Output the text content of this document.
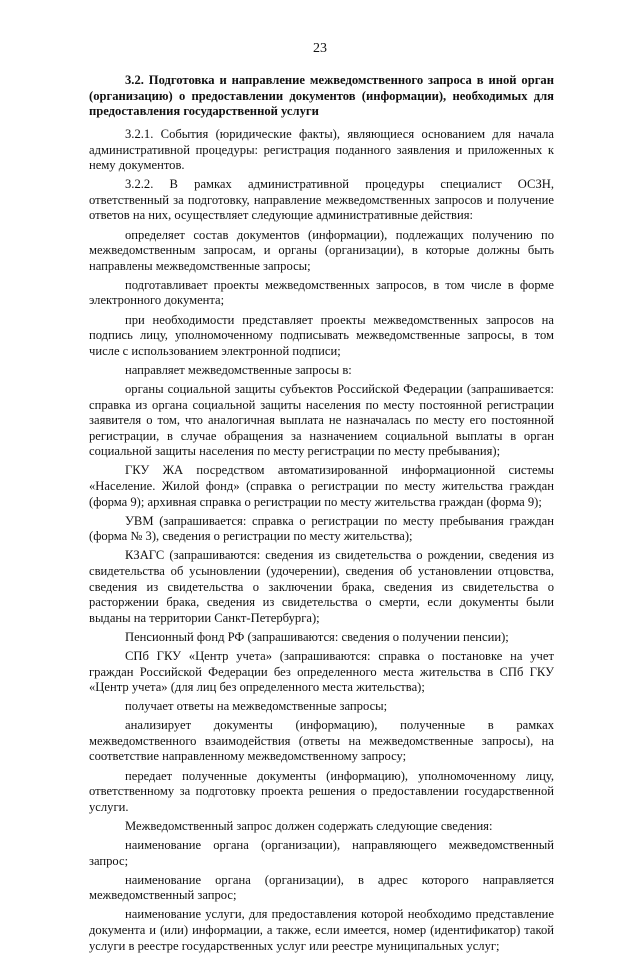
23
3.2. Подготовка и направление межведомственного запроса в иной орган (организацию) о предоставлении документов (информации), необходимых для предоставления государственной услуги

3.2.1. События (юридические факты), являющиеся основанием для начала административной процедуры: регистрация поданного заявления и приложенных к нему документов.

3.2.2. В рамках административной процедуры специалист ОСЗН, ответственный за подготовку, направление межведомственных запросов и получение ответов на них, осуществляет следующие административные действия:

определяет состав документов (информации), подлежащих получению по межведомственным запросам, и органы (организации), в которые должны быть направлены межведомственные запросы;

подготавливает проекты межведомственных запросов, в том числе в форме электронного документа;

при необходимости представляет проекты межведомственных запросов на подпись лицу, уполномоченному подписывать межведомственные запросы, в том числе с использованием электронной подписи;

направляет межведомственные запросы в:

органы социальной защиты субъектов Российской Федерации (запрашивается: справка из органа социальной защиты населения по месту постоянной регистрации заявителя о том, что аналогичная выплата не назначалась по месту его постоянной регистрации, в случае обращения за назначением социальной выплаты в орган социальной защиты населения по месту регистрации по месту пребывания);

ГКУ ЖА посредством автоматизированной информационной системы «Население. Жилой фонд» (справка о регистрации по месту жительства граждан (форма 9); архивная справка о регистрации по месту жительства граждан (форма 9);

УВМ (запрашивается: справка о регистрации по месту пребывания граждан (форма № 3), сведения о регистрации по месту жительства);

КЗАГС (запрашиваются: сведения из свидетельства о рождении, сведения из свидетельства об усыновлении (удочерении), сведения об установлении отцовства, сведения из свидетельства о заключении брака, сведения из свидетельства о расторжении брака, сведения из свидетельства о смерти, если документы были выданы на территории Санкт-Петербурга);

Пенсионный фонд РФ (запрашиваются: сведения о получении пенсии);

СПб ГКУ «Центр учета» (запрашиваются: справка о постановке на учет граждан Российской Федерации без определенного места жительства в СПб ГКУ «Центр учета» (для лиц без определенного места жительства);

получает ответы на межведомственные запросы;

анализирует документы (информацию), полученные в рамках межведомственного взаимодействия (ответы на межведомственные запросы), на соответствие направленному межведомственному запросу;

передает полученные документы (информацию), уполномоченному лицу, ответственному за подготовку проекта решения о предоставлении государственной услуги.

Межведомственный запрос должен содержать следующие сведения:

наименование органа (организации), направляющего межведомственный запрос;

наименование органа (организации), в адрес которого направляется межведомственный запрос;

наименование услуги, для предоставления которой необходимо представление документа и (или) информации, а также, если имеется, номер (идентификатор) такой услуги в реестре государственных услуг или реестре муниципальных услуг;
